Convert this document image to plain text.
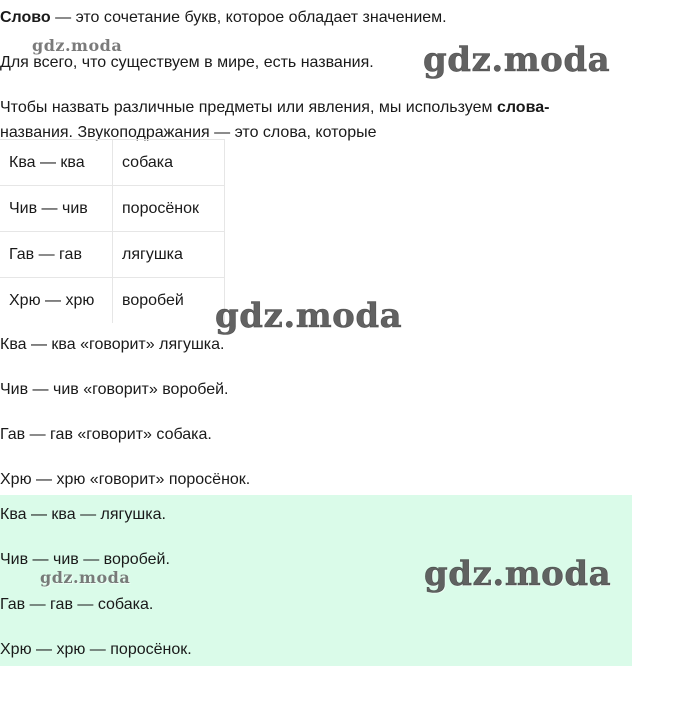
Слово — это сочетание букв, которое обладает значением.

Для всего, что существуем в мире, есть названия.

Чтобы назвать различные предметы или явления, мы используем слова-

названия. Звукоподражания — это слова, которые
Ква — ква	собака
Чив — чив	поросёнок
Гав — гав	лягушка
Хрю — хрю	воробей

Ква — ква «говорит» лягушка.

Чив — чив «говорит» воробей.

Гав — гав «говорит» собака.

Хрю — хрю «говорит» поросёнок.

Ква — ква — лягушка.

Чив — чив — воробей.

Гав — гав — собака.

Хрю — хрю — поросёнок.

gdz.moda	gdz.moda
gdz.moda
gdz.moda	gdz.moda
